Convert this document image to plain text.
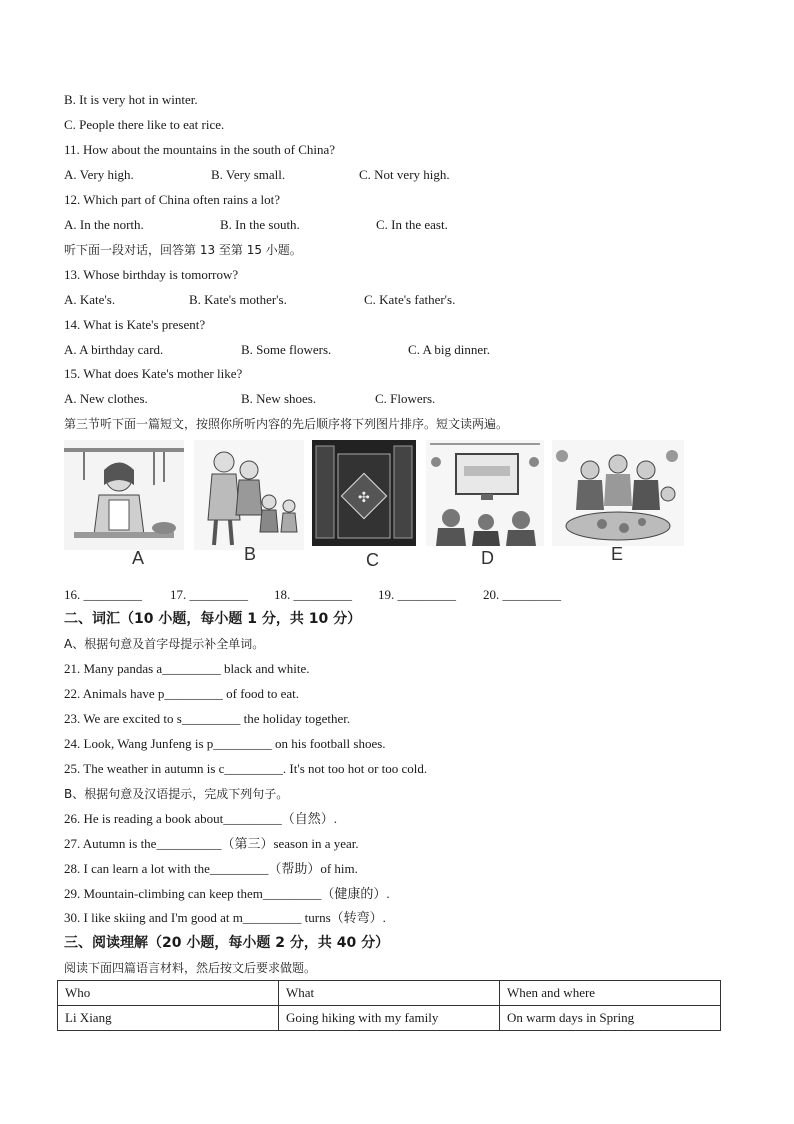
B. It is very hot in winter.
C. People there like to eat rice.
11. How about the mountains in the south of China?
A. Very high.	B. Very small.	C. Not very high.
12. Which part of China often rains a lot?
A. In the north.	B. In the south.	C. In the east.
听下面一段对话，回答第 13 至第 15 小题。
13. Whose birthday is tomorrow?
A. Kate's.	B. Kate's mother's.	C. Kate's father's.
14. What is Kate's present?
A. A birthday card.	B. Some flowers.	C. A big dinner.
15. What does Kate's mother like?
A. New clothes.	B. New shoes.	C. Flowers.
第三节听下面一篇短文，按照你所听内容的先后顺序将下列图片排序。短文读两遍。
A	B
✣
C	D	E
16. _________ 17. _________ 18. _________ 19. _________ 20. _________
二、词汇（10 小题，每小题 1 分，共 10 分）
A、根据句意及首字母提示补全单词。
21. Many pandas a_________ black and white.
22. Animals have p_________ of food to eat.
23. We are excited to s_________ the holiday together.
24. Look, Wang Junfeng is p_________ on his football shoes.
25. The weather in autumn is c_________. It's not too hot or too cold.
B、根据句意及汉语提示，完成下列句子。
26. He is reading a book about_________（自然）.
27. Autumn is the__________（第三）season in a year.
28. I can learn a lot with the_________（帮助）of him.
29. Mountain-climbing can keep them_________（健康的）.
30. I like skiing and I'm good at m_________ turns（转弯）.
三、阅读理解（20 小题，每小题 2 分，共 40 分）
阅读下面四篇语言材料，然后按文后要求做题。
Who	What	When and where
Li Xiang	Going hiking with my family	On warm days in Spring
